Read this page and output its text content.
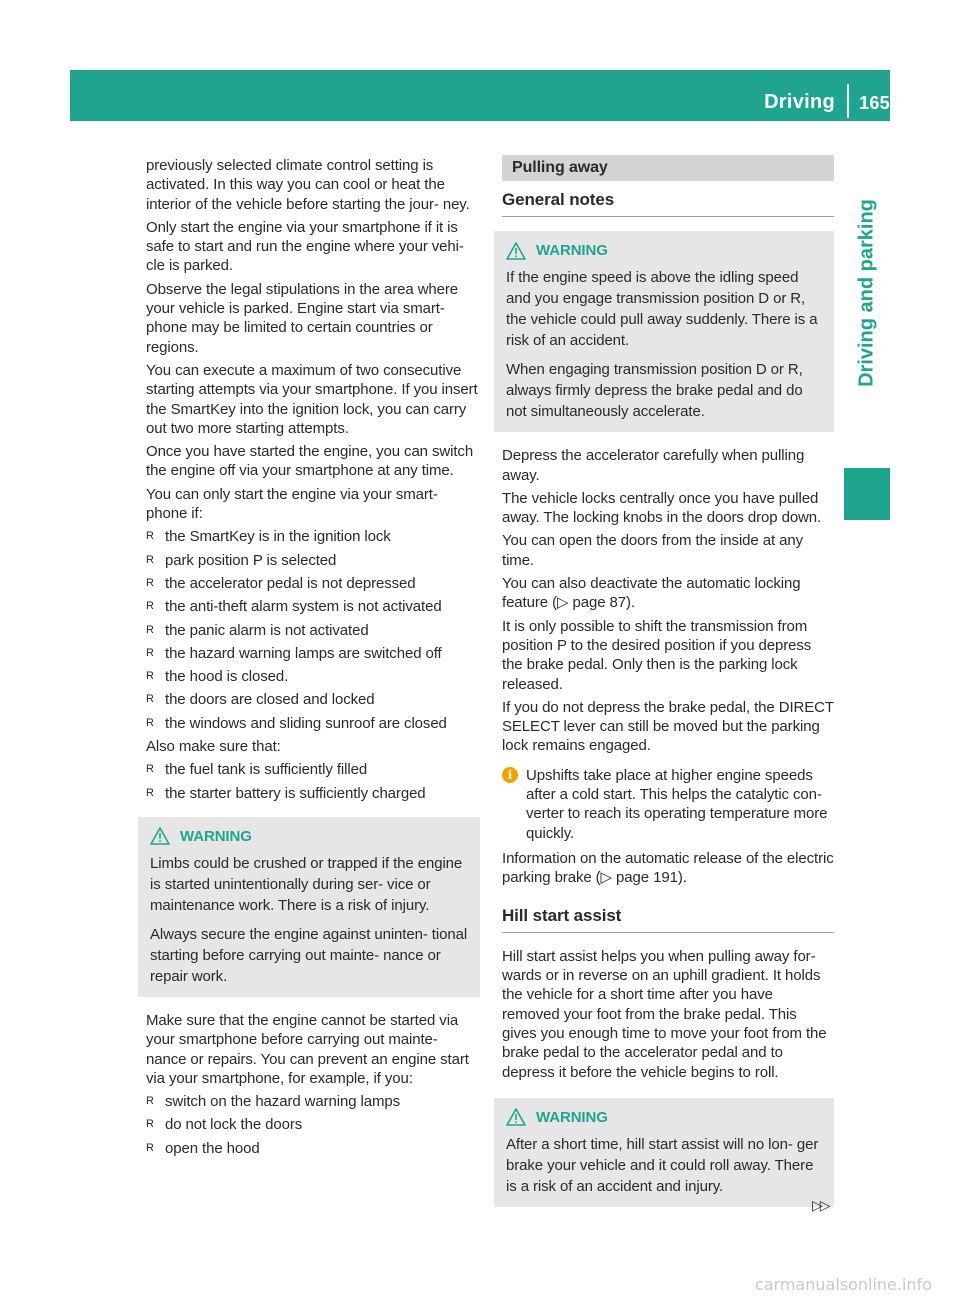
Driving	165
Driving and parking

previously selected climate control setting is activated. In this way you can cool or heat the interior of the vehicle before starting the jour- ney.

Only start the engine via your smartphone if it is safe to start and run the engine where your vehi- cle is parked.

Observe the legal stipulations in the area where your vehicle is parked. Engine start via smart- phone may be limited to certain countries or regions.

You can execute a maximum of two consecutive starting attempts via your smartphone. If you insert the SmartKey into the ignition lock, you can carry out two more starting attempts.

Once you have started the engine, you can switch the engine off via your smartphone at any time.

You can only start the engine via your smart- phone if:

R the SmartKey is in the ignition lock
R park position P is selected
R the accelerator pedal is not depressed
R the anti-theft alarm system is not activated
R the panic alarm is not activated
R the hazard warning lamps are switched off
R the hood is closed.
R the doors are closed and locked
R the windows and sliding sunroof are closed

Also make sure that:

R the fuel tank is sufficiently filled
R the starter battery is sufficiently charged
WARNING

Limbs could be crushed or trapped if the engine is started unintentionally during ser- vice or maintenance work. There is a risk of injury.

Always secure the engine against uninten- tional starting before carrying out mainte- nance or repair work.

Make sure that the engine cannot be started via your smartphone before carrying out mainte- nance or repairs. You can prevent an engine start via your smartphone, for example, if you:

R switch on the hazard warning lamps
R do not lock the doors
R open the hood
Pulling away
General notes
WARNING

If the engine speed is above the idling speed and you engage transmission position D or R, the vehicle could pull away suddenly. There is a risk of an accident.

When engaging transmission position D or R, always firmly depress the brake pedal and do not simultaneously accelerate.

Depress the accelerator carefully when pulling away.

The vehicle locks centrally once you have pulled away. The locking knobs in the doors drop down.

You can open the doors from the inside at any time.

You can also deactivate the automatic locking feature (▷ page 87).

It is only possible to shift the transmission from position P to the desired position if you depress the brake pedal. Only then is the parking lock released.

If you do not depress the brake pedal, the DIRECT SELECT lever can still be moved but the parking lock remains engaged.

i Upshifts take place at higher engine speeds after a cold start. This helps the catalytic con- verter to reach its operating temperature more quickly.

Information on the automatic release of the electric parking brake (▷ page 191).

Hill start assist

Hill start assist helps you when pulling away for- wards or in reverse on an uphill gradient. It holds the vehicle for a short time after you have removed your foot from the brake pedal. This gives you enough time to move your foot from the brake pedal to the accelerator pedal and to depress it before the vehicle begins to roll.

WARNING

After a short time, hill start assist will no lon- ger brake your vehicle and it could roll away. There is a risk of an accident and injury.

▷▷
carmanualsonline.info
